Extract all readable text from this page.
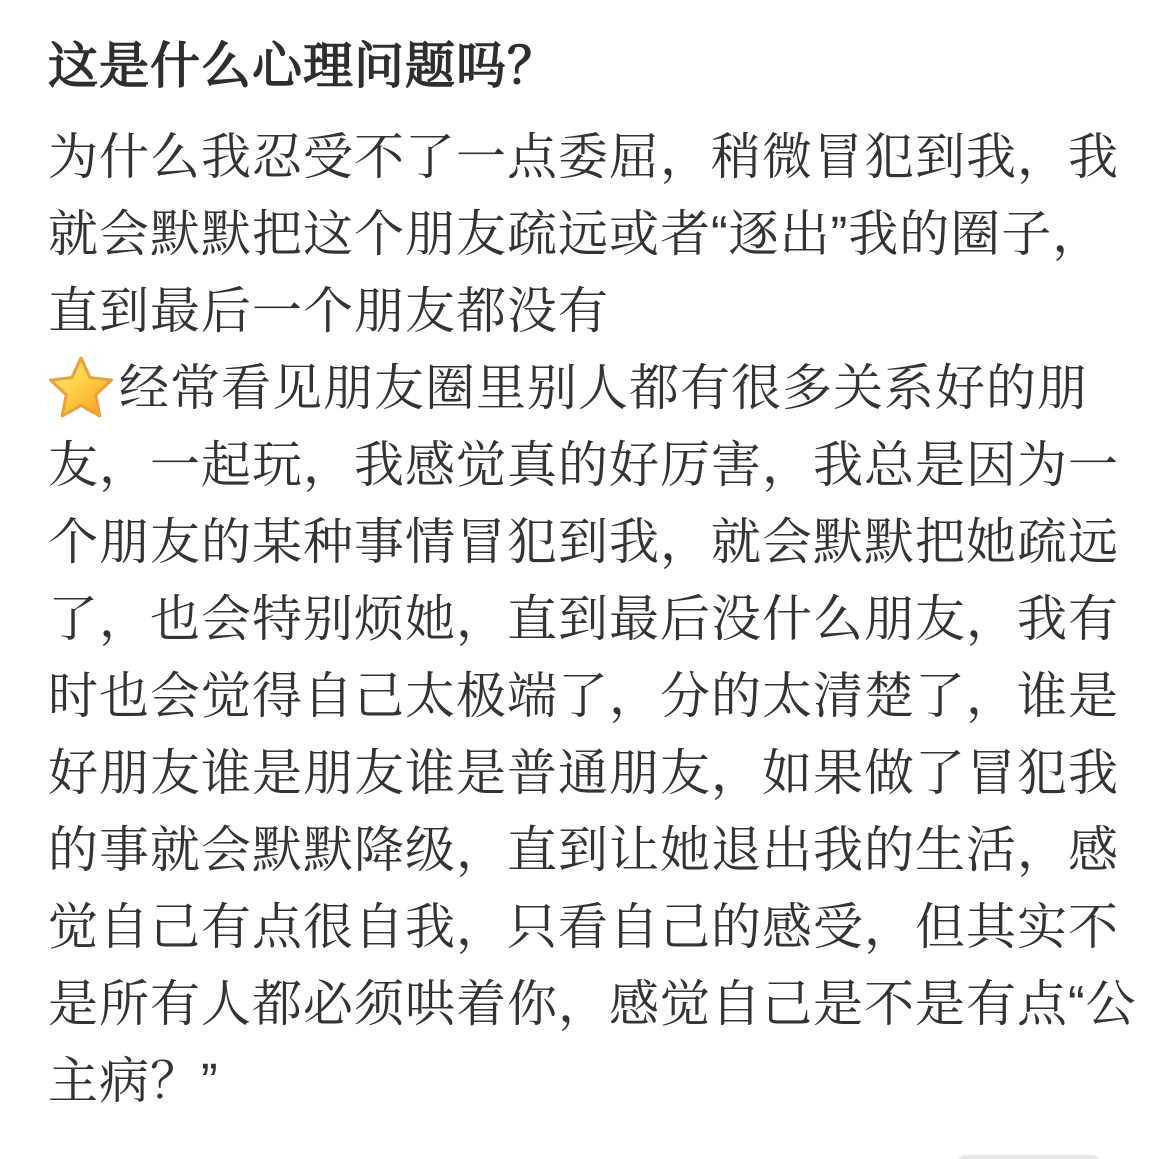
这是什么心理问题吗？
为什么我忍受不了一点委屈，稍微冒犯到我，我
就会默默把这个朋友疏远或者“逐出”我的圈子，
直到最后一个朋友都没有
经常看见朋友圈里别人都有很多关系好的朋
友，一起玩，我感觉真的好厉害，我总是因为一
个朋友的某种事情冒犯到我，就会默默把她疏远
了，也会特别烦她，直到最后没什么朋友，我有
时也会觉得自己太极端了，分的太清楚了，谁是
好朋友谁是朋友谁是普通朋友，如果做了冒犯我
的事就会默默降级，直到让她退出我的生活，感
觉自己有点很自我，只看自己的感受，但其实不
是所有人都必须哄着你，感觉自己是不是有点“公
主病？”
